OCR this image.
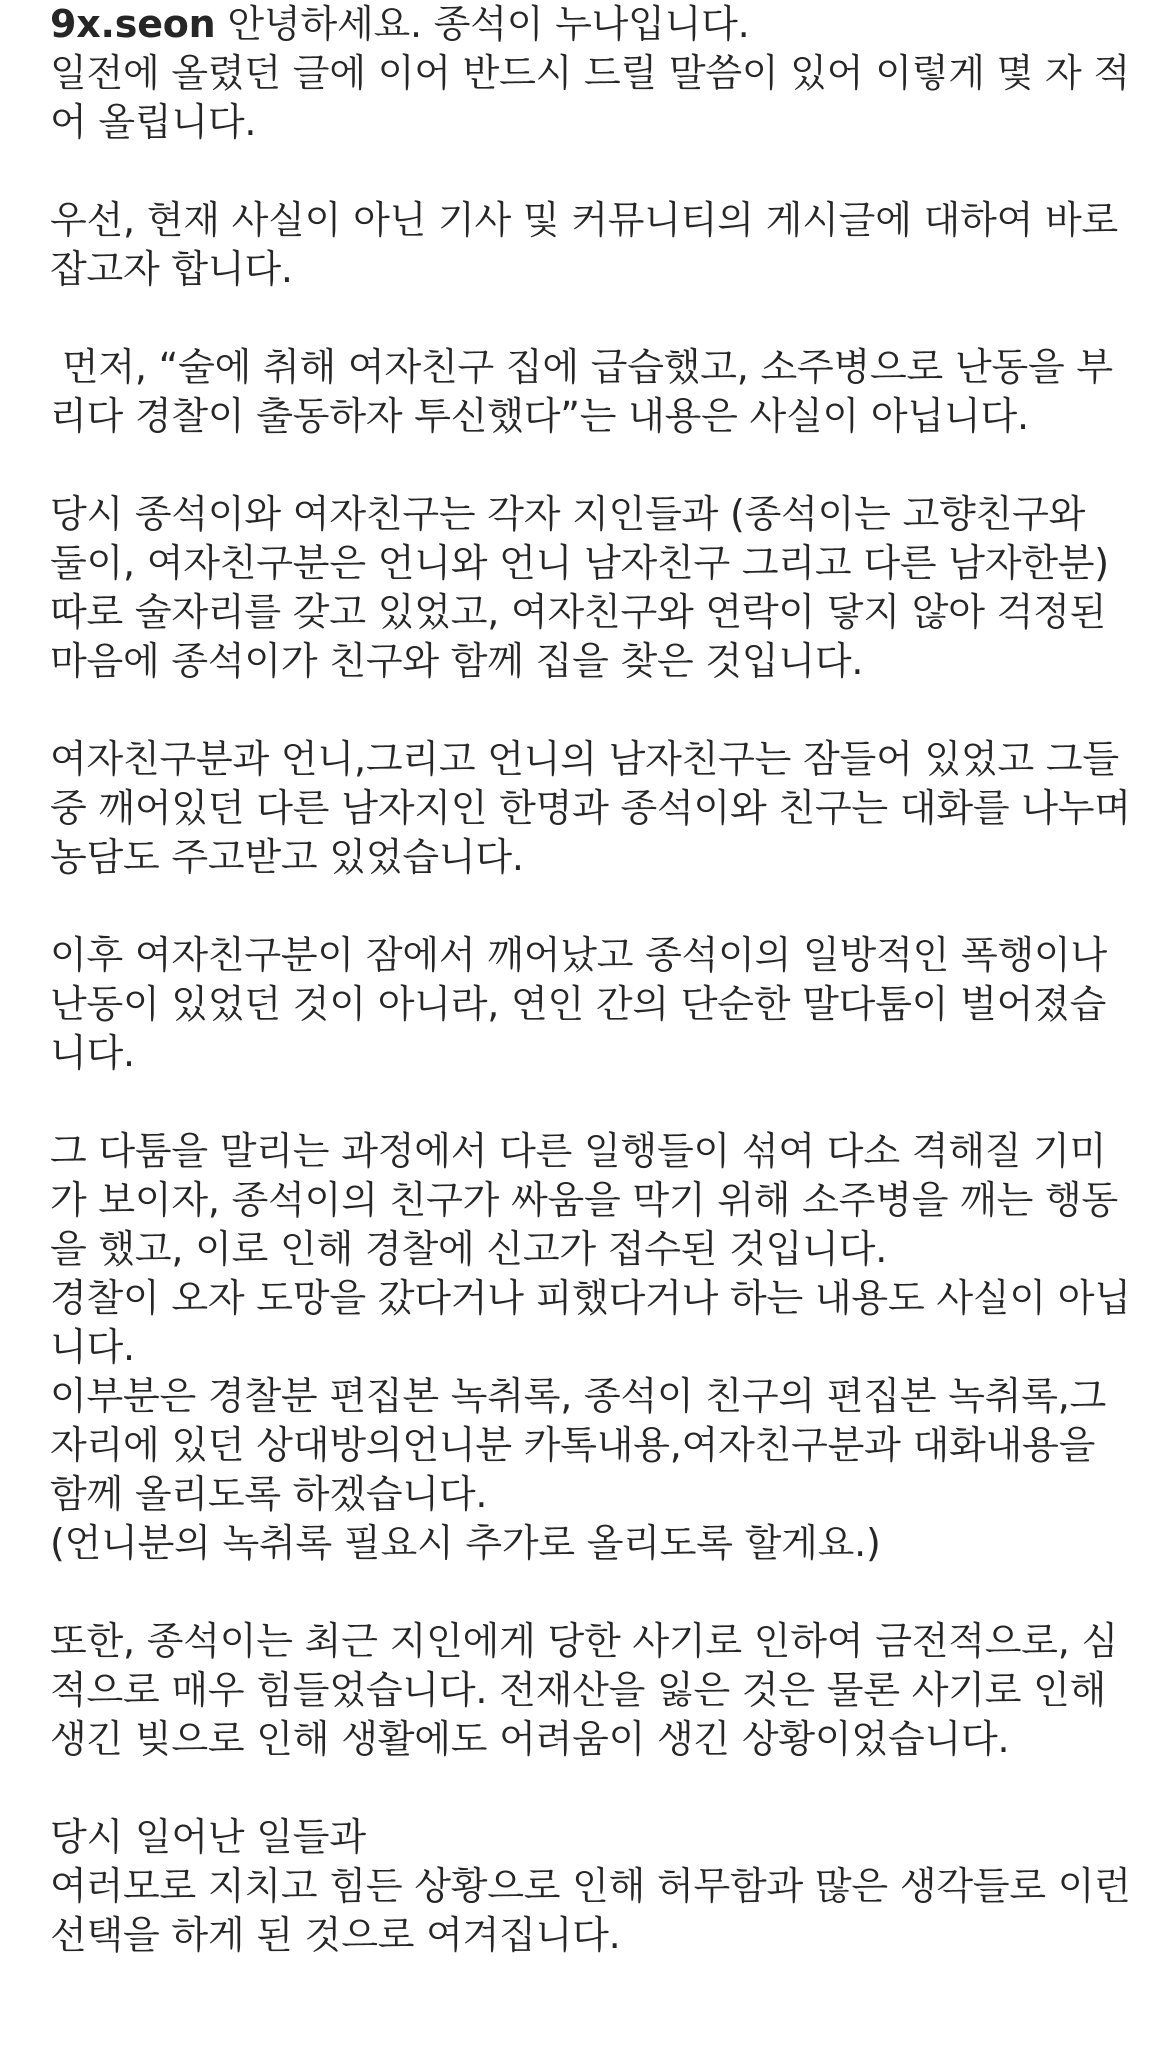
9x.seon 안녕하세요. 종석이 누나입니다.
일전에 올렸던 글에 이어 반드시 드릴 말씀이 있어 이렇게 몇 자 적
어 올립니다.
우선, 현재 사실이 아닌 기사 및 커뮤니티의 게시글에 대하여 바로
잡고자 합니다.
먼저, “술에 취해 여자친구 집에 급습했고, 소주병으로 난동을 부
리다 경찰이 출동하자 투신했다”는 내용은 사실이 아닙니다.
당시 종석이와 여자친구는 각자 지인들과 (종석이는 고향친구와
둘이, 여자친구분은 언니와 언니 남자친구 그리고 다른 남자한분)
따로 술자리를 갖고 있었고, 여자친구와 연락이 닿지 않아 걱정된
마음에 종석이가 친구와 함께 집을 찾은 것입니다.
여자친구분과 언니,그리고 언니의 남자친구는 잠들어 있었고 그들
중 깨어있던 다른 남자지인 한명과 종석이와 친구는 대화를 나누며
농담도 주고받고 있었습니다.
이후 여자친구분이 잠에서 깨어났고 종석이의 일방적인 폭행이나
난동이 있었던 것이 아니라, 연인 간의 단순한 말다툼이 벌어졌습
니다.
그 다툼을 말리는 과정에서 다른 일행들이 섞여 다소 격해질 기미
가 보이자, 종석이의 친구가 싸움을 막기 위해 소주병을 깨는 행동
을 했고, 이로 인해 경찰에 신고가 접수된 것입니다.
경찰이 오자 도망을 갔다거나 피했다거나 하는 내용도 사실이 아닙
니다.
이부분은 경찰분 편집본 녹취록, 종석이 친구의 편집본 녹취록,그
자리에 있던 상대방의언니분 카톡내용,여자친구분과 대화내용을
함께 올리도록 하겠습니다.
(언니분의 녹취록 필요시 추가로 올리도록 할게요.)
또한, 종석이는 최근 지인에게 당한 사기로 인하여 금전적으로, 심
적으로 매우 힘들었습니다. 전재산을 잃은 것은 물론 사기로 인해
생긴 빚으로 인해 생활에도 어려움이 생긴 상황이었습니다.
당시 일어난 일들과
여러모로 지치고 힘든 상황으로 인해 허무함과 많은 생각들로 이런
선택을 하게 된 것으로 여겨집니다.
